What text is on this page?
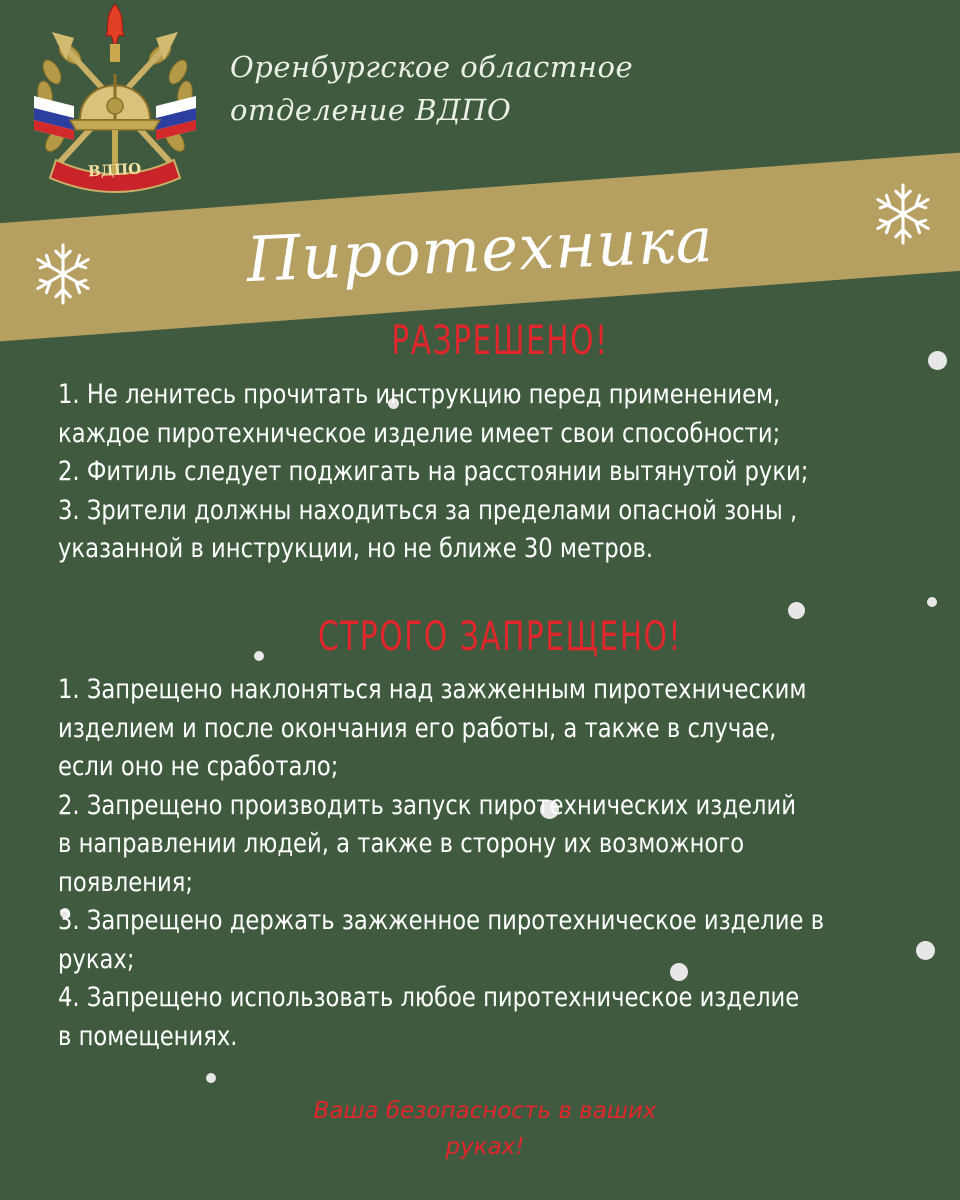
ВДПО
Оренбургское областное
отделение ВДПО
Пиротехника
РАЗРЕШЕНО!

1. Не ленитесь прочитать инструкцию перед применением,

каждое пиротехническое изделие имеет свои способности;

2. Фитиль следует поджигать на расстоянии вытянутой руки;

3. Зрители должны находиться за пределами опасной зоны ,

указанной в инструкции, но не ближе 30 метров.

СТРОГО ЗАПРЕЩЕНО!

1. Запрещено наклоняться над зажженным пиротехническим

изделием и после окончания его работы, а также в случае,

если оно не сработало;

2. Запрещено производить запуск пиротехнических изделий

в направлении людей, а также в сторону их возможного

появления;

3. Запрещено держать зажженное пиротехническое изделие в

руках;

4. Запрещено использовать любое пиротехническое изделие

в помещениях.

Ваша безопасность в ваших
руках!
